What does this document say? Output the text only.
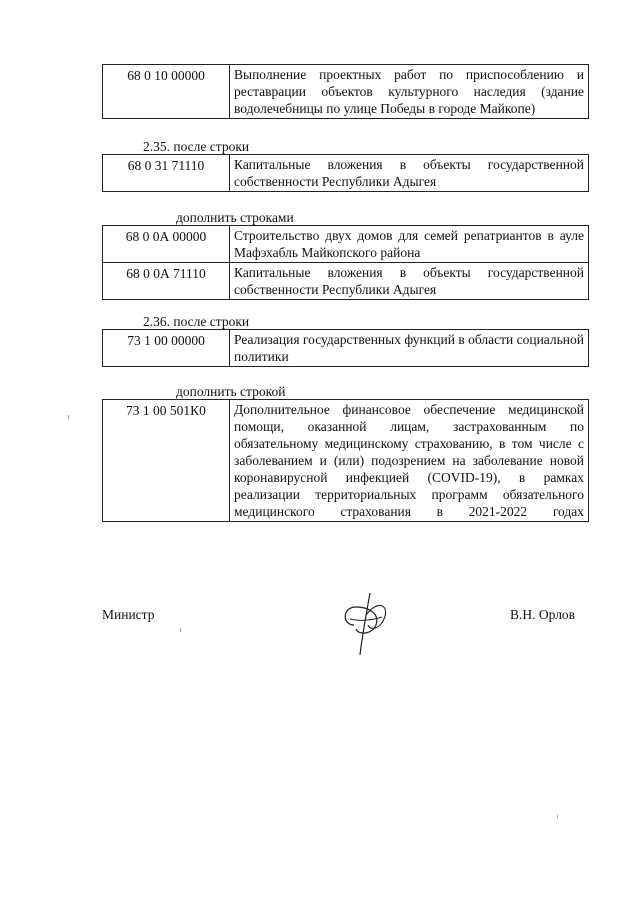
68 0 10 00000	Выполнение проектных работ по приспособлению и реставрации объектов культурного наследия (здание водолечебницы по улице Победы в городе Майкопе)
2.35. после строки
68 0 31 71110	Капитальные вложения в объекты государственной собственности Республики Адыгея
дополнить строками
68 0 0А 00000	Строительство двух домов для семей репатриантов в ауле Мафэхабль Майкопского района
68 0 0А 71110	Капитальные вложения в объекты государственной собственности Республики Адыгея
2.36. после строки
73 1 00 00000	Реализация государственных функций в области социальной политики
дополнить строкой
73 1 00 501К0	Дополнительное финансовое обеспечение медицинской помощи, оказанной лицам, застрахованным по обязательному медицинскому страхованию, в том числе с заболеванием и (или) подозрением на заболевание новой коронавирусной инфекцией (COVID-19), в рамках реализации территориальных программ обязательного медицинского страхования в 2021-2022 годах
Министр	В.Н. Орлов
